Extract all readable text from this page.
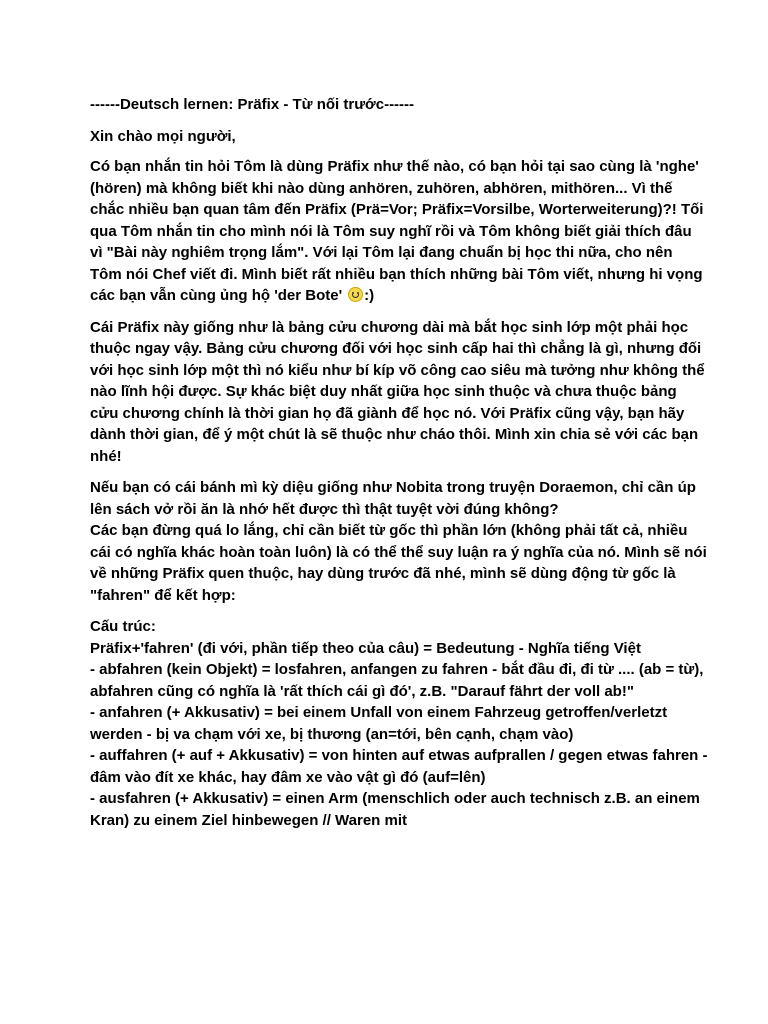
------Deutsch lernen: Präfix - Từ nối trước------

Xin chào mọi người,

Có bạn nhắn tin hỏi Tôm là dùng Präfix như thế nào, có bạn hỏi tại sao cùng là 'nghe' (hören) mà không biết khi nào dùng anhören, zuhören, abhören, mithören... Vì thế chắc nhiều bạn quan tâm đến Präfix (Prä=Vor; Präfix=Vorsilbe, Worterweiterung)?! Tối qua Tôm nhắn tin cho mình nói là Tôm suy nghĩ rồi và Tôm không biết giải thích đâu vì "Bài này nghiêm trọng lắm". Với lại Tôm lại đang chuẩn bị học thi nữa, cho nên Tôm nói Chef viết đi. Mình biết rất nhiều bạn thích những bài Tôm viết, nhưng hi vọng các bạn vẫn cùng ủng hộ 'der Bote' :)

Cái Präfix này giống như là bảng cửu chương dài mà bắt học sinh lớp một phải học thuộc ngay vậy. Bảng cửu chương đối với học sinh cấp hai thì chẳng là gì, nhưng đối với học sinh lớp một thì nó kiểu như bí kíp võ công cao siêu mà tưởng như không thể nào lĩnh hội được. Sự khác biệt duy nhất giữa học sinh thuộc và chưa thuộc bảng cửu chương chính là thời gian họ đã giành để học nó. Với Präfix cũng vậy, bạn hãy dành thời gian, để ý một chút là sẽ thuộc như cháo thôi. Mình xin chia sẻ với các bạn nhé!

Nếu bạn có cái bánh mì kỳ diệu giống như Nobita trong truyện Doraemon, chỉ cần úp lên sách vở rồi ăn là nhớ hết được thì thật tuyệt vời đúng không?

Các bạn đừng quá lo lắng, chỉ cần biết từ gốc thì phần lớn (không phải tất cả, nhiều cái có nghĩa khác hoàn toàn luôn) là có thể thể suy luận ra ý nghĩa của nó. Mình sẽ nói về những Präfix quen thuộc, hay dùng trước đã nhé, mình sẽ dùng động từ gốc là "fahren" để kết hợp:

Cấu trúc:

Präfix+'fahren' (đi với, phần tiếp theo của câu) = Bedeutung - Nghĩa tiếng Việt

- abfahren (kein Objekt) = losfahren, anfangen zu fahren - bắt đầu đi, đi từ .... (ab = từ), abfahren cũng có nghĩa là 'rất thích cái gì đó', z.B. "Darauf fährt der voll ab!"

- anfahren (+ Akkusativ) = bei einem Unfall von einem Fahrzeug getroffen/verletzt werden - bị va chạm với xe, bị thương (an=tới, bên cạnh, chạm vào)

- auffahren (+ auf + Akkusativ) = von hinten auf etwas aufprallen / gegen etwas fahren - đâm vào đít xe khác, hay đâm xe vào vật gì đó (auf=lên)

- ausfahren (+ Akkusativ) = einen Arm (menschlich oder auch technisch z.B. an einem Kran) zu einem Ziel hinbewegen // Waren mit
